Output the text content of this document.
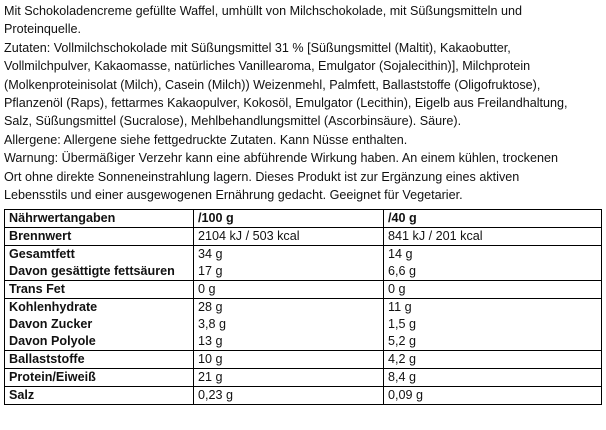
Mit Schokoladencreme gefüllte Waffel, umhüllt von Milchschokolade, mit Süßungsmitteln und

Proteinquelle.

Zutaten: Vollmilchschokolade mit Süßungsmittel 31 % [Süßungsmittel (Maltit), Kakaobutter,

Vollmilchpulver, Kakaomasse, natürliches Vanillearoma, Emulgator (Sojalecithin)], Milchprotein

(Molkenproteinisolat (Milch), Casein (Milch)) Weizenmehl, Palmfett, Ballaststoffe (Oligofruktose),

Pflanzenöl (Raps), fettarmes Kakaopulver, Kokosöl, Emulgator (Lecithin), Eigelb aus Freilandhaltung,

Salz, Süßungsmittel (Sucralose), Mehlbehandlungsmittel (Ascorbinsäure). Säure).

Allergene: Allergene siehe fettgedruckte Zutaten. Kann Nüsse enthalten.

Warnung: Übermäßiger Verzehr kann eine abführende Wirkung haben. An einem kühlen, trockenen

Ort ohne direkte Sonneneinstrahlung lagern. Dieses Produkt ist zur Ergänzung eines aktiven

Lebensstils und einer ausgewogenen Ernährung gedacht. Geeignet für Vegetarier.

Nährwertangaben	/100 g	/40 g
Brennwert	2104 kJ / 503 kcal	841 kJ / 201 kcal
Gesamtfett	34 g	14 g
Davon gesättigte fettsäuren	17 g	6,6 g
Trans Fet	0 g	0 g
Kohlenhydrate	28 g	11 g
Davon Zucker	3,8 g	1,5 g
Davon Polyole	13 g	5,2 g
Ballaststoffe	10 g	4,2 g
Protein/Eiweiß	21 g	8,4 g
Salz	0,23 g	0,09 g
